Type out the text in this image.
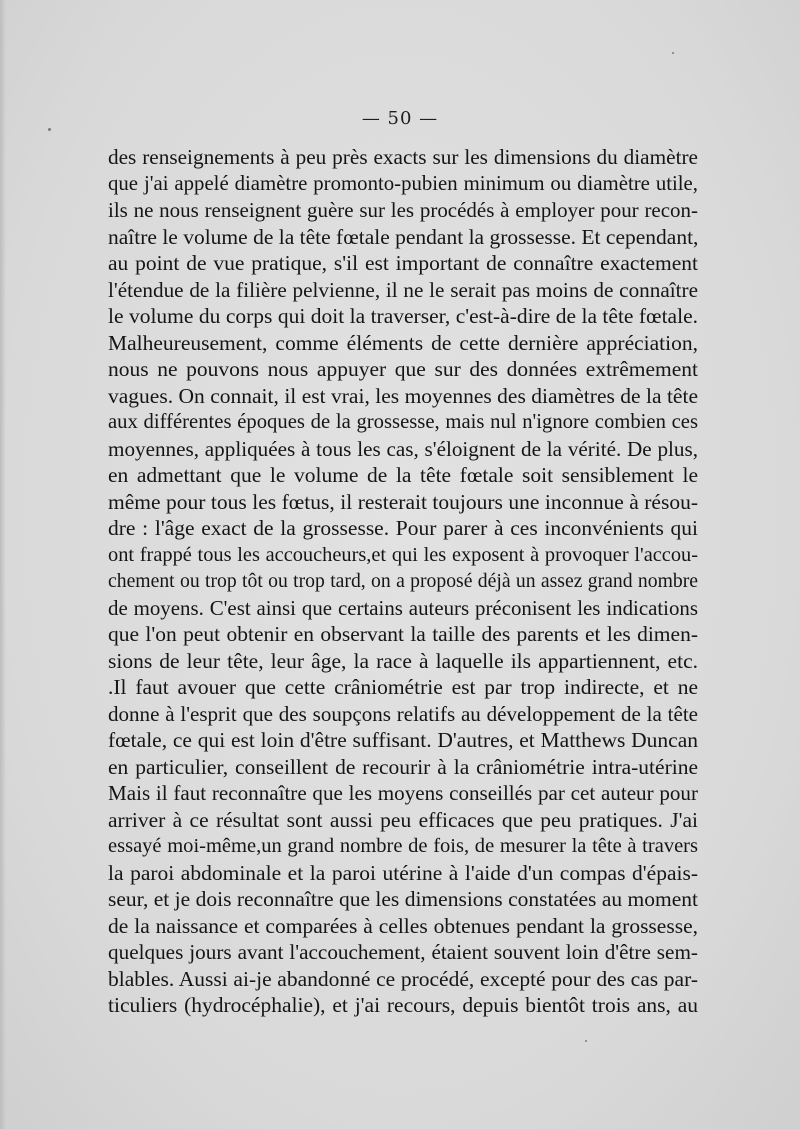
— 50 —
des renseignements à peu près exacts sur les dimensions du diamètre
que j'ai appelé diamètre promonto-pubien minimum ou diamètre utile,
ils ne nous renseignent guère sur les procédés à employer pour recon-
naître le volume de la tête fœtale pendant la grossesse. Et cependant,
au point de vue pratique, s'il est important de connaître exactement
l'étendue de la filière pelvienne, il ne le serait pas moins de connaître
le volume du corps qui doit la traverser, c'est-à-dire de la tête fœtale.
Malheureusement, comme éléments de cette dernière appréciation,
nous ne pouvons nous appuyer que sur des données extrêmement
vagues. On connait, il est vrai, les moyennes des diamètres de la tête
aux différentes époques de la grossesse, mais nul n'ignore combien ces
moyennes, appliquées à tous les cas, s'éloignent de la vérité. De plus,
en admettant que le volume de la tête fœtale soit sensiblement le
même pour tous les fœtus, il resterait toujours une inconnue à résou-
dre : l'âge exact de la grossesse. Pour parer à ces inconvénients qui
ont frappé tous les accoucheurs,et qui les exposent à provoquer l'accou-
chement ou trop tôt ou trop tard, on a proposé déjà un assez grand nombre
de moyens. C'est ainsi que certains auteurs préconisent les indications
que l'on peut obtenir en observant la taille des parents et les dimen-
sions de leur tête, leur âge, la race à laquelle ils appartiennent, etc.
.Il faut avouer que cette crâniométrie est par trop indirecte, et ne
donne à l'esprit que des soupçons relatifs au développement de la tête
fœtale, ce qui est loin d'être suffisant. D'autres, et Matthews Duncan
en particulier, conseillent de recourir à la crâniométrie intra-utérine
Mais il faut reconnaître que les moyens conseillés par cet auteur pour
arriver à ce résultat sont aussi peu efficaces que peu pratiques. J'ai
essayé moi-même,un grand nombre de fois, de mesurer la tête à travers
la paroi abdominale et la paroi utérine à l'aide d'un compas d'épais-
seur, et je dois reconnaître que les dimensions constatées au moment
de la naissance et comparées à celles obtenues pendant la grossesse,
quelques jours avant l'accouchement, étaient souvent loin d'être sem-
blables. Aussi ai-je abandonné ce procédé, excepté pour des cas par-
ticuliers (hydrocéphalie), et j'ai recours, depuis bientôt trois ans, au
